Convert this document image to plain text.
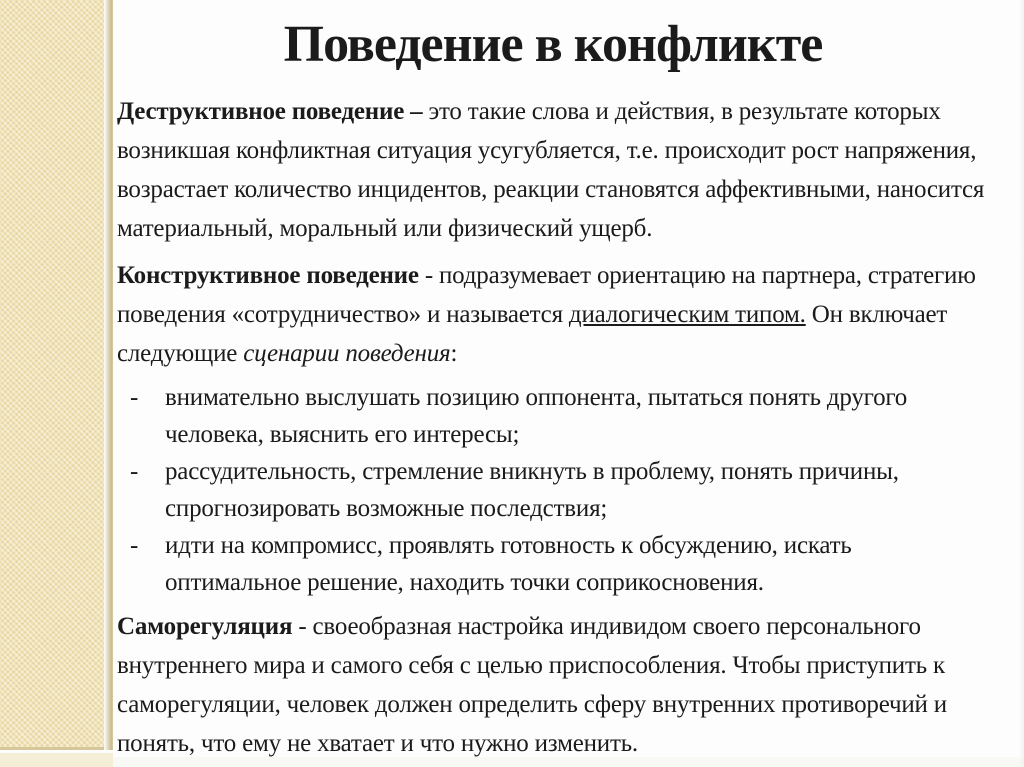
Поведение в конфликте

Деструктивное поведение – это такие слова и действия, в результате которых возникшая конфликтная ситуация усугубляется, т.е. происходит рост напряжения, возрастает количество инцидентов, реакции становятся аффективными, наносится материальный, моральный или физический ущерб.

Конструктивное поведение - подразумевает ориентацию на партнера, стратегию поведения «сотрудничество» и называется диалогическим типом. Он включает следующие сценарии поведения:

-	внимательно выслушать позицию оппонента, пытаться понять другого человека, выяснить его интересы;
-	рассудительность, стремление вникнуть в проблему, понять причины, спрогнозировать возможные последствия;
-	идти на компромисс, проявлять готовность к обсуждению, искать оптимальное решение, находить точки соприкосновения.

Саморегуляция - своеобразная настройка индивидом своего персонального внутреннего мира и самого себя с целью приспособления. Чтобы приступить к саморегуляции, человек должен определить сферу внутренних противоречий и понять, что ему не хватает и что нужно изменить.
